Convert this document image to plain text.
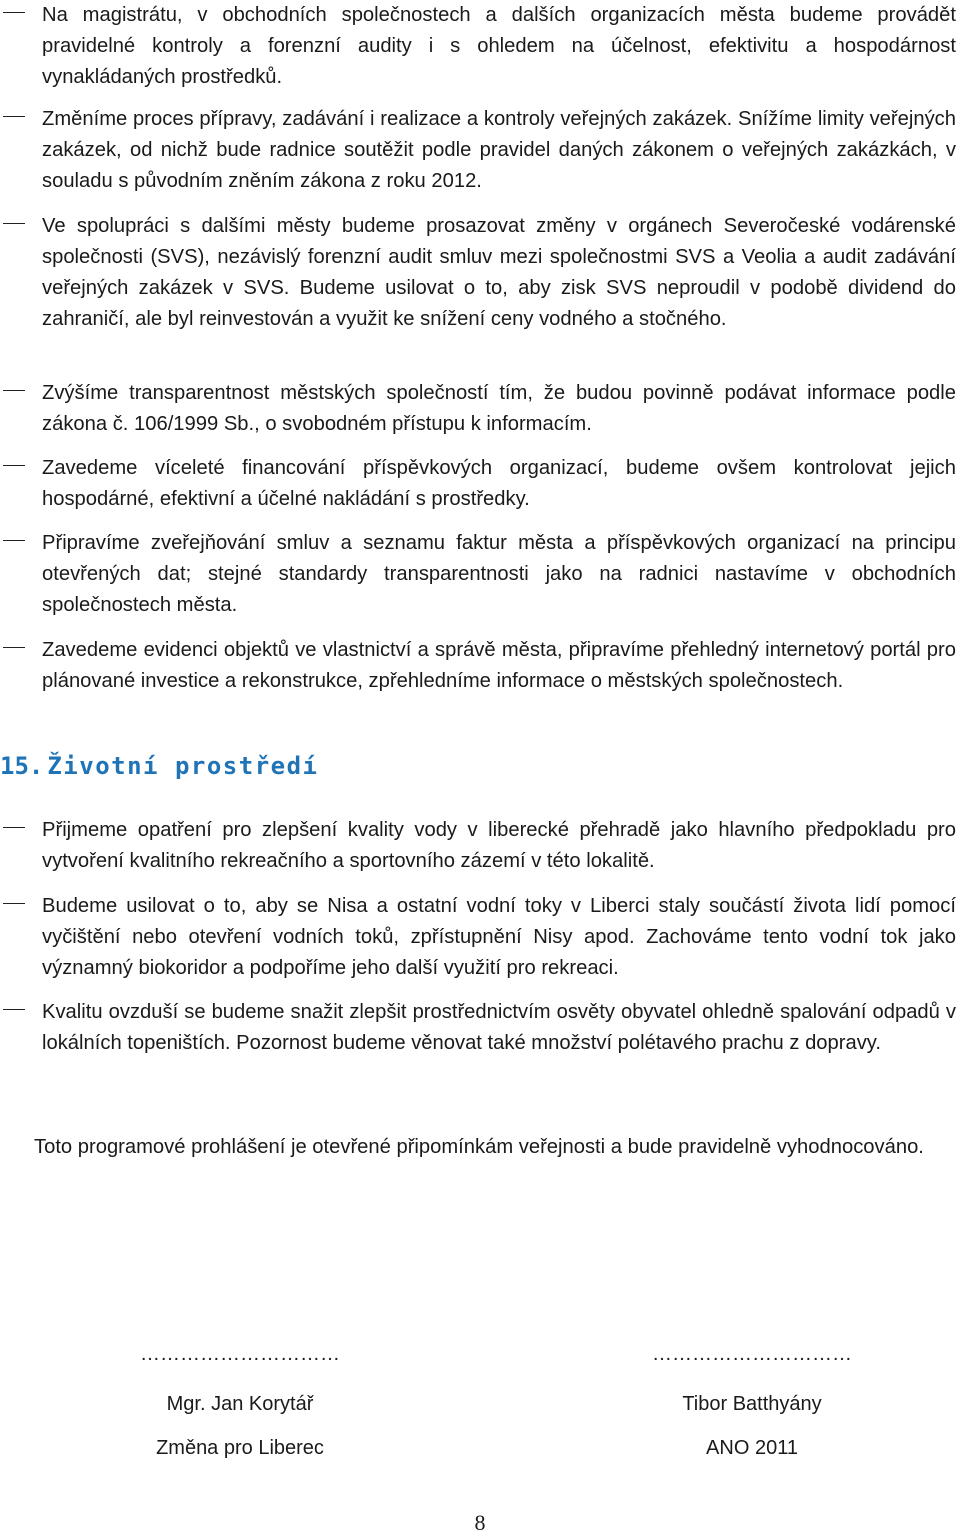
Na magistrátu, v obchodních společnostech a dalších organizacích města budeme provádět pravidelné kontroly a forenzní audity i s ohledem na účelnost, efektivitu a hospodárnost vynakládaných prostředků.
Změníme proces přípravy, zadávání i realizace a kontroly veřejných zakázek. Snížíme limity veřejných zakázek, od nichž bude radnice soutěžit podle pravidel daných zákonem o veřejných zakázkách, v souladu s původním zněním zákona z roku 2012.
Ve spolupráci s dalšími městy budeme prosazovat změny v orgánech Severočeské vodárenské společnosti (SVS), nezávislý forenzní audit smluv mezi společnostmi SVS a Veolia a audit zadávání veřejných zakázek v SVS. Budeme usilovat o to, aby zisk SVS neproudil v podobě dividend do zahraničí, ale byl reinvestován a využit ke snížení ceny vodného a stočného.
Zvýšíme transparentnost městských společností tím, že budou povinně podávat informace podle zákona č. 106/1999 Sb., o svobodném přístupu k informacím.
Zavedeme víceleté financování příspěvkových organizací, budeme ovšem kontrolovat jejich hospodárné, efektivní a účelné nakládání s prostředky.
Připravíme zveřejňování smluv a seznamu faktur města a příspěvkových organizací na principu otevřených dat; stejné standardy transparentnosti jako na radnici nastavíme v obchodních společnostech města.
Zavedeme evidenci objektů ve vlastnictví a správě města, připravíme přehledný internetový portál pro plánované investice a rekonstrukce, zpřehledníme informace o městských společnostech.
15. Životní prostředí
Přijmeme opatření pro zlepšení kvality vody v liberecké přehradě jako hlavního předpokladu pro vytvoření kvalitního rekreačního a sportovního zázemí v této lokalitě.
Budeme usilovat o to, aby se Nisa a ostatní vodní toky v Liberci staly součástí života lidí pomocí vyčištění nebo otevření vodních toků, zpřístupnění Nisy apod. Zachováme tento vodní tok jako významný biokoridor a podpoříme jeho další využití pro rekreaci.
Kvalitu ovzduší se budeme snažit zlepšit prostřednictvím osvěty obyvatel ohledně spalování odpadů v lokálních topeništích. Pozornost budeme věnovat také množství polétavého prachu z dopravy.
Toto programové prohlášení je otevřené připomínkám veřejnosti a bude pravidelně vyhodnocováno.
…………………………
Mgr. Jan Korytář
Změna pro Liberec
…………………………
Tibor Batthyány
ANO 2011
8
